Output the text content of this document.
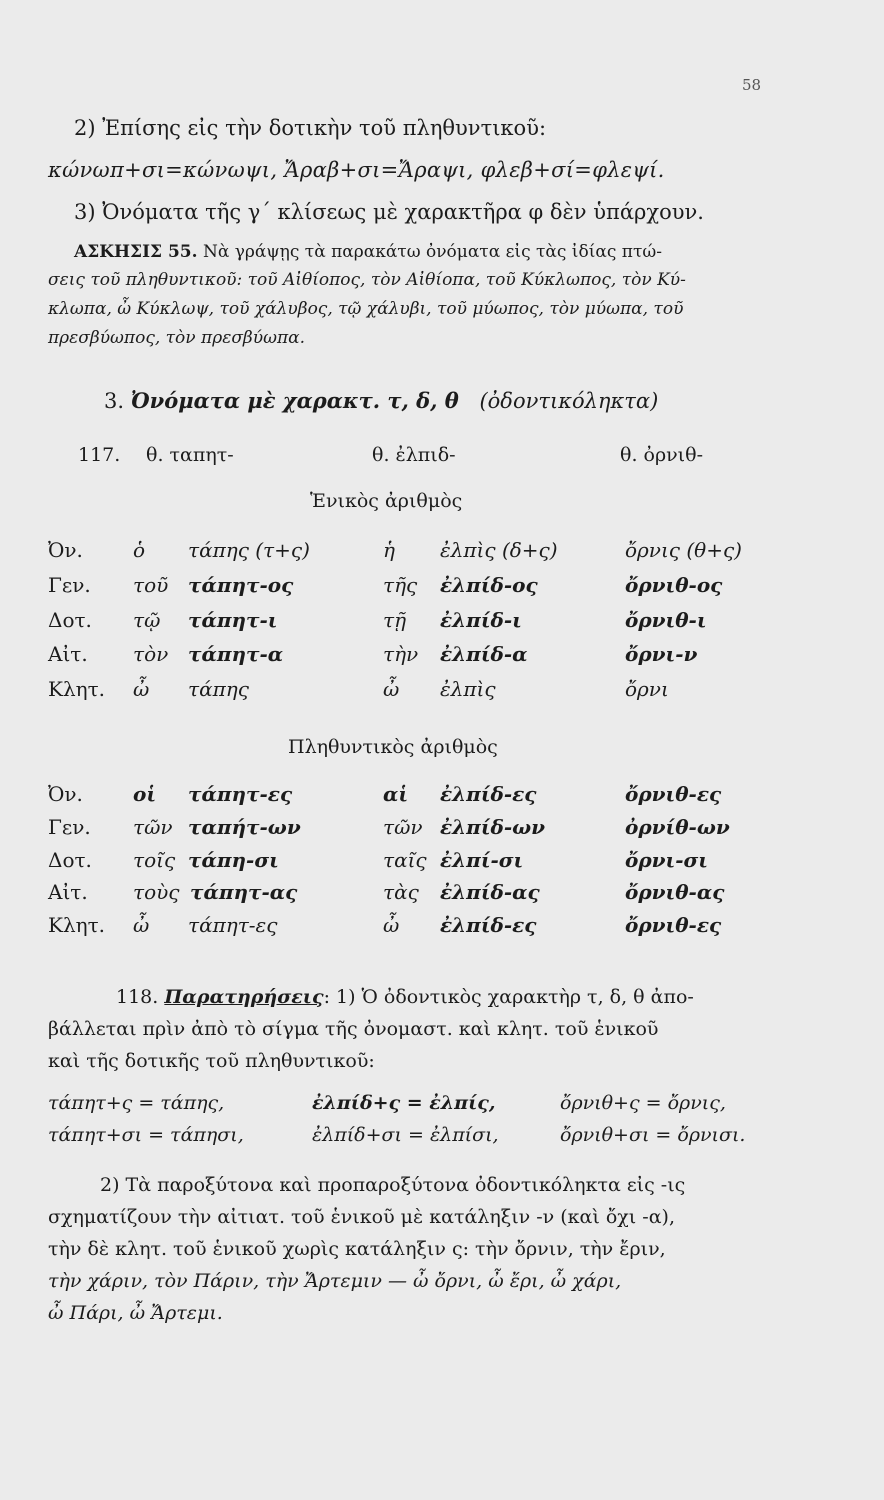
58
2) Ἐπίσης εἰς τὴν δοτικὴν τοῦ πληθυντικοῦ:
κώνωπ+σι=κώνωψι, Ἄραβ+σι=Ἄραψι, φλεβ+σί=φλεψί.
3) Ὀνόματα τῆς γ΄ κλίσεως μὲ χαρακτῆρα φ δὲν ὑπάρχουν.
ΑΣΚΗΣΙΣ 55. Νὰ γράψῃς τὰ παρακάτω ὀνόματα εἰς τὰς ἰδίας πτώ-
σεις τοῦ πληθυντικοῦ: τοῦ Αἰθίοπος, τὸν Αἰθίοπα, τοῦ Κύκλωπος, τὸν Κύ-
κλωπα, ὦ Κύκλωψ, τοῦ χάλυβος, τῷ χάλυβι, τοῦ μύωπος, τὸν μύωπα, τοῦ
πρεσβύωπος, τὸν πρεσβύωπα.
3. Ὀνόματα μὲ χαρακτ. τ, δ, θ (ὀδοντικόληκτα)
117. θ. ταπητ-	θ. ἐλπιδ-	θ. ὀρνιθ-
Ἑνικὸς ἀριθμὸς
Ὀν.	ὁ τάπης (τ+ς)	ἡ ἐλπὶς (δ+ς)	ὄρνις (θ+ς)
Γεν. τοῦ τάπητ-ος	τῆς ἐλπίδ-ος	ὄρνιθ-ος
Δοτ. τῷ τάπητ-ι	τῇ ἐλπίδ-ι	ὄρνιθ-ι
Αἰτ. τὸν τάπητ-α	τὴν ἐλπίδ-α	ὄρνι-ν
Κλητ. ὦ τάπης	ὦ ἐλπὶς	ὄρνι
Πληθυντικὸς ἀριθμὸς
Ὀν.	οἱ τάπητ-ες	αἱ ἐλπίδ-ες	ὄρνιθ-ες
Γεν. τῶν ταπήτ-ων	τῶν ἐλπίδ-ων	ὀρνίθ-ων
Δοτ. τοῖς τάπη-σι	ταῖς ἐλπί-σι	ὄρνι-σι
Αἰτ. τοὺς τάπητ-ας	τὰς ἐλπίδ-ας	ὄρνιθ-ας
Κλητ. ὦ τάπητ-ες	ὦ ἐλπίδ-ες	ὄρνιθ-ες
118. Παρατηρήσεις: 1) Ὁ ὀδοντικὸς χαρακτὴρ τ, δ, θ ἀπο-
βάλλεται πρὶν ἀπὸ τὸ σίγμα τῆς ὀνομαστ. καὶ κλητ. τοῦ ἑνικοῦ
καὶ τῆς δοτικῆς τοῦ πληθυντικοῦ:
τάπητ+ς = τάπης,	ἐλπίδ+ς = ἐλπίς,	ὄρνιθ+ς = ὄρνις,
τάπητ+σι = τάπησι,	ἐλπίδ+σι = ἐλπίσι,	ὄρνιθ+σι = ὄρνισι.
2) Τὰ παροξύτονα καὶ προπαροξύτονα ὀδοντικόληκτα εἰς -ις
σχηματίζουν τὴν αἰτιατ. τοῦ ἑνικοῦ μὲ κατάληξιν -ν (καὶ ὄχι -α),
τὴν δὲ κλητ. τοῦ ἑνικοῦ χωρὶς κατάληξιν ς: τὴν ὄρνιν, τὴν ἔριν,
τὴν χάριν, τὸν Πάριν, τὴν Ἄρτεμιν — ὦ ὄρνι, ὦ ἔρι, ὦ χάρι,
ὦ Πάρι, ὦ Ἄρτεμι.
